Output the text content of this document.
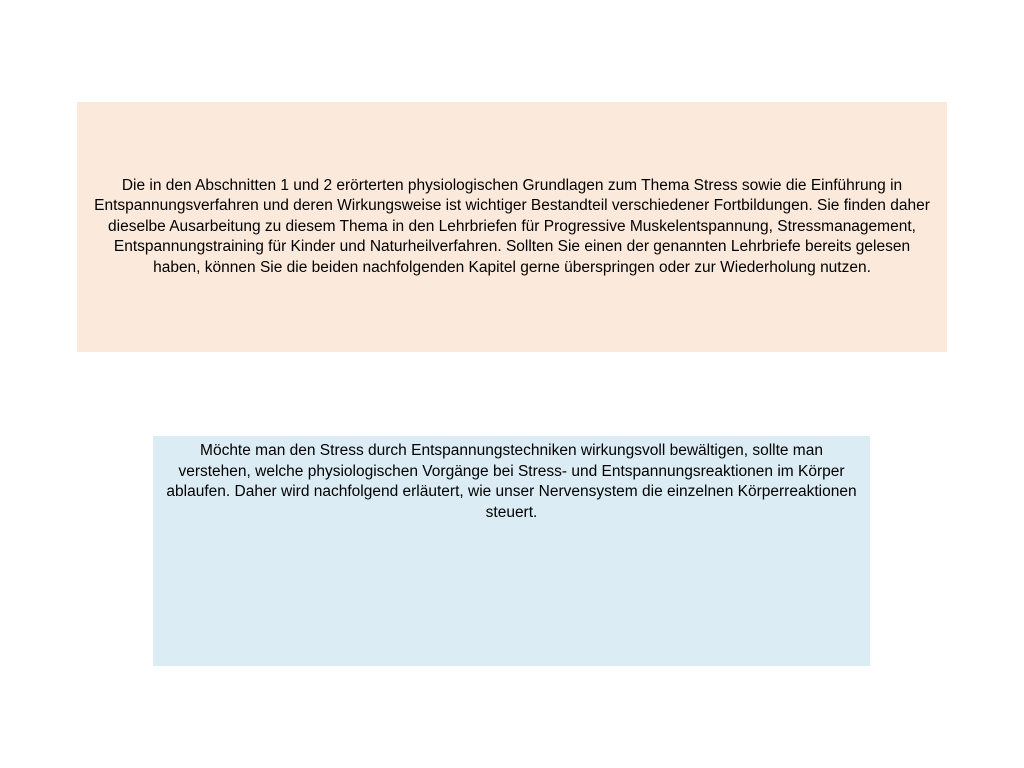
Die in den Abschnitten 1 und 2 erörterten physiologischen Grundlagen zum Thema Stress sowie die Einführung in Entspannungsverfahren und deren Wirkungsweise ist wichtiger Bestandteil verschiedener Fortbildungen. Sie finden daher dieselbe Ausarbeitung zu diesem Thema in den Lehrbriefen für Progressive Muskelentspannung, Stressmanagement, Entspannungstraining für Kinder und Naturheilverfahren. Sollten Sie einen der genannten Lehrbriefe bereits gelesen haben, können Sie die beiden nachfolgenden Kapitel gerne überspringen oder zur Wiederholung nutzen.

Möchte man den Stress durch Entspannungstechniken wirkungsvoll bewältigen, sollte man verstehen, welche physiologischen Vorgänge bei Stress- und Entspannungsreaktionen im Körper ablaufen. Daher wird nachfolgend erläutert, wie unser Nervensystem die einzelnen Körperreaktionen steuert.
